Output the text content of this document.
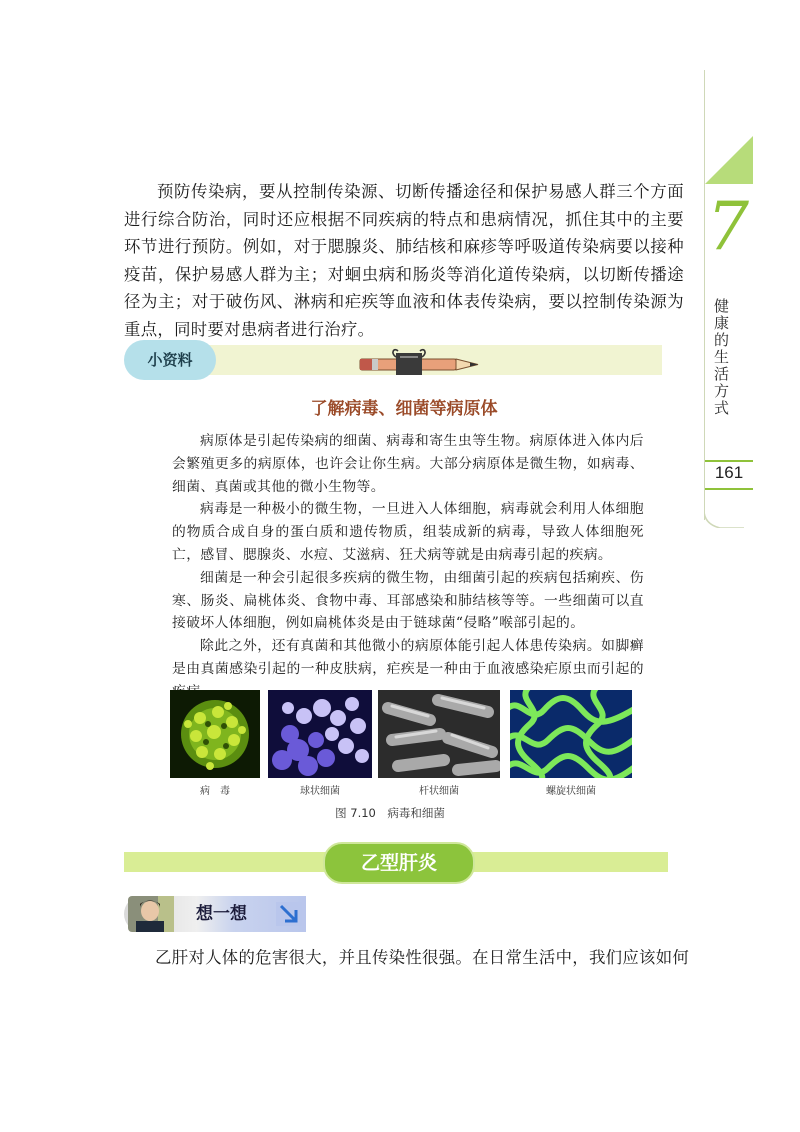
7
健康的生活方式
161
预防传染病，要从控制传染源、切断传播途径和保护易感人群三个方面进行综合防治，同时还应根据不同疾病的特点和患病情况，抓住其中的主要环节进行预防。例如，对于腮腺炎、肺结核和麻疹等呼吸道传染病要以接种疫苗，保护易感人群为主；对蛔虫病和肠炎等消化道传染病，以切断传播途径为主；对于破伤风、淋病和疟疾等血液和体表传染病，要以控制传染源为重点，同时要对患病者进行治疗。
小资料
了解病毒、细菌等病原体

病原体是引起传染病的细菌、病毒和寄生虫等生物。病原体进入体内后会繁殖更多的病原体，也许会让你生病。大部分病原体是微生物，如病毒、细菌、真菌或其他的微小生物等。

病毒是一种极小的微生物，一旦进入人体细胞，病毒就会利用人体细胞的物质合成自身的蛋白质和遗传物质，组装成新的病毒，导致人体细胞死亡，感冒、腮腺炎、水痘、艾滋病、狂犬病等就是由病毒引起的疾病。

细菌是一种会引起很多疾病的微生物，由细菌引起的疾病包括痢疾、伤寒、肠炎、扁桃体炎、食物中毒、耳部感染和肺结核等等。一些细菌可以直接破坏人体细胞，例如扁桃体炎是由于链球菌“侵略”喉部引起的。

除此之外，还有真菌和其他微小的病原体能引起人体患传染病。如脚癣是由真菌感染引起的一种皮肤病，疟疾是一种由于血液感染疟原虫而引起的

病　毒	球状细菌	杆状细菌	螺旋状细菌
图 7.10　病毒和细菌
乙型肝炎
想一想
乙肝对人体的危害很大，并且传染性很强。在日常生活中，我们应该如何
